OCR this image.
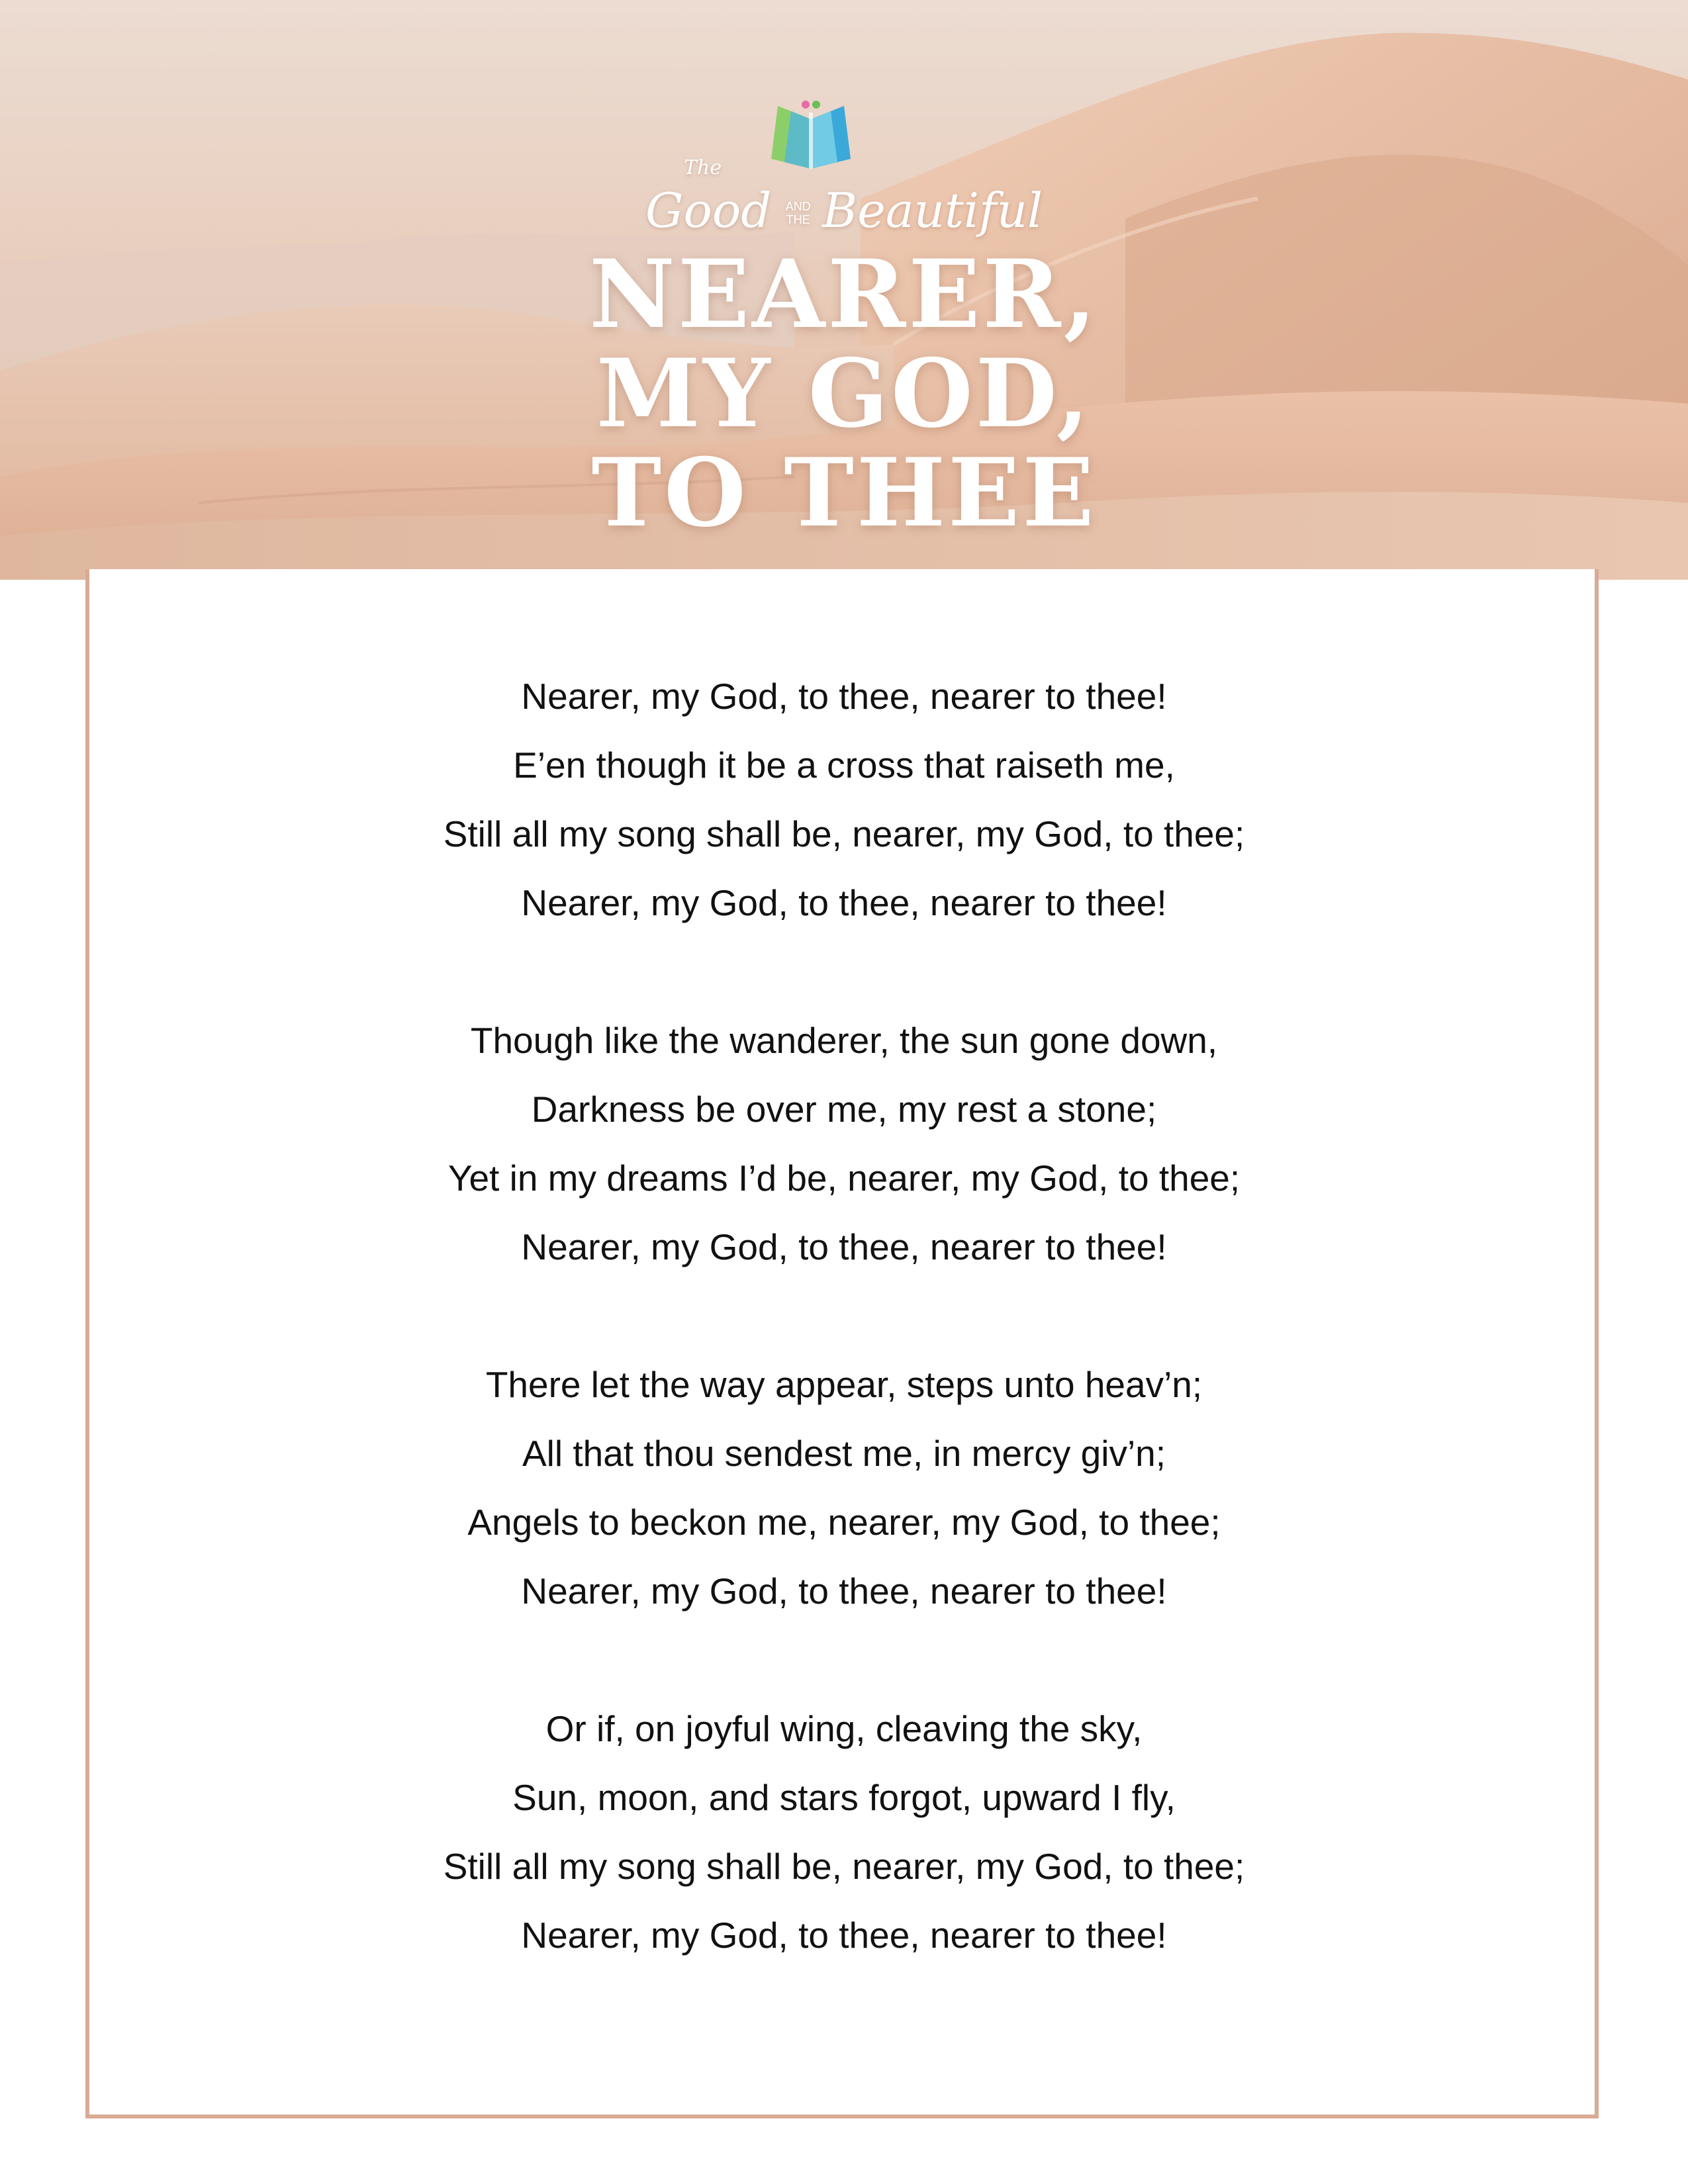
The
Good	AND THE Beautiful
NEARER,
MY GOD,
TO THEE
Nearer, my God, to thee, nearer to thee!
E’en though it be a cross that raiseth me,
Still all my song shall be, nearer, my God, to thee;
Nearer, my God, to thee, nearer to thee!
Though like the wanderer, the sun gone down,
Darkness be over me, my rest a stone;
Yet in my dreams I’d be, nearer, my God, to thee;
Nearer, my God, to thee, nearer to thee!
There let the way appear, steps unto heav’n;
All that thou sendest me, in mercy giv’n;
Angels to beckon me, nearer, my God, to thee;
Nearer, my God, to thee, nearer to thee!
Or if, on joyful wing, cleaving the sky,
Sun, moon, and stars forgot, upward I fly,
Still all my song shall be, nearer, my God, to thee;
Nearer, my God, to thee, nearer to thee!
